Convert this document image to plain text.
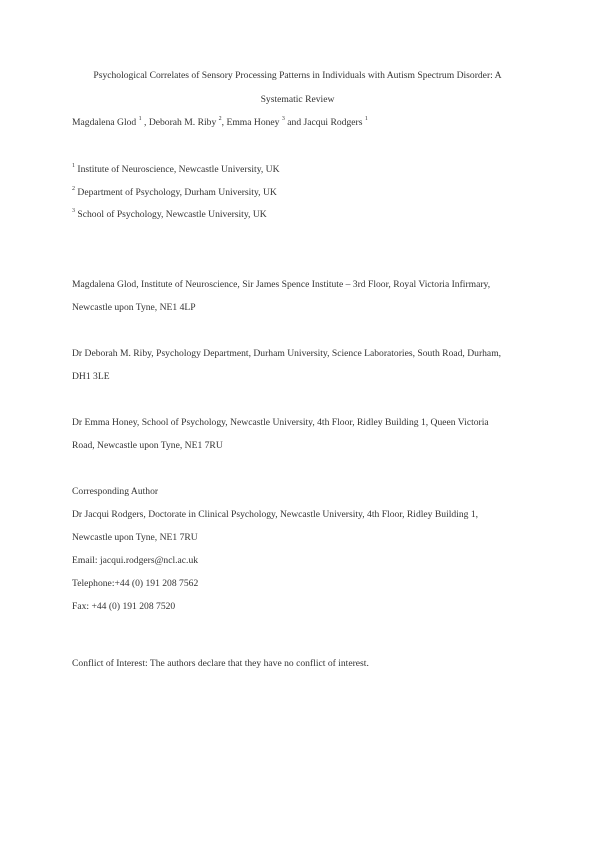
Psychological Correlates of Sensory Processing Patterns in Individuals with Autism Spectrum Disorder: A
Systematic Review
Magdalena Glod $^1$ , Deborah M. Riby $^2$, Emma Honey $^3$ and Jacqui Rodgers $^1$
$^1$ Institute of Neuroscience, Newcastle University, UK
$^2$ Department of Psychology, Durham University, UK
$^3$ School of Psychology, Newcastle University, UK
Magdalena Glod, Institute of Neuroscience, Sir James Spence Institute – 3rd Floor, Royal Victoria Infirmary,
Newcastle upon Tyne, NE1 4LP
Dr Deborah M. Riby, Psychology Department, Durham University, Science Laboratories, South Road, Durham,
DH1 3LE
Dr Emma Honey, School of Psychology, Newcastle University, 4th Floor, Ridley Building 1, Queen Victoria
Road, Newcastle upon Tyne, NE1 7RU
Corresponding Author
Dr Jacqui Rodgers, Doctorate in Clinical Psychology, Newcastle University, 4th Floor, Ridley Building 1,
Newcastle upon Tyne, NE1 7RU
Email: jacqui.rodgers@ncl.ac.uk
Telephone:+44 (0) 191 208 7562
Fax: +44 (0) 191 208 7520
Conflict of Interest: The authors declare that they have no conflict of interest.
